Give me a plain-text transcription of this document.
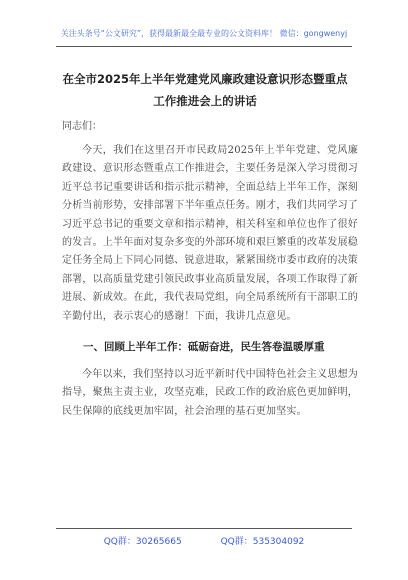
关注头条号“公文研究”，获得最新最全最专业的公文资料库！ 微信：gongwenyj
在全市2025年上半年党建党风廉政建设意识形态暨重点工作推进会上的讲话

同志们：

今天，我们在这里召开市民政局2025年上半年党建、党风廉政建设、意识形态暨重点工作推进会，主要任务是深入学习贯彻习近平总书记重要讲话和指示批示精神，全面总结上半年工作，深刻分析当前形势，安排部署下半年重点任务。刚才，我们共同学习了习近平总书记的重要文章和指示精神，相关科室和单位也作了很好的发言。上半年面对复杂多变的外部环境和艰巨繁重的改革发展稳定任务全局上下同心同德、锐意进取，紧紧围绕市委市政府的决策部署，以高质量党建引领民政事业高质量发展，各项工作取得了新进展、新成效。在此，我代表局党组，向全局系统所有干部职工的辛勤付出，表示衷心的感谢！下面，我讲几点意见。

一、回顾上半年工作：砥砺奋进，民生答卷温暖厚重

今年以来，我们坚持以习近平新时代中国特色社会主义思想为指导，聚焦主责主业，攻坚克难，民政工作的政治底色更加鲜明，民生保障的底线更加牢固，社会治理的基石更加坚实。

QQ群：30265665	QQ群：535304092
